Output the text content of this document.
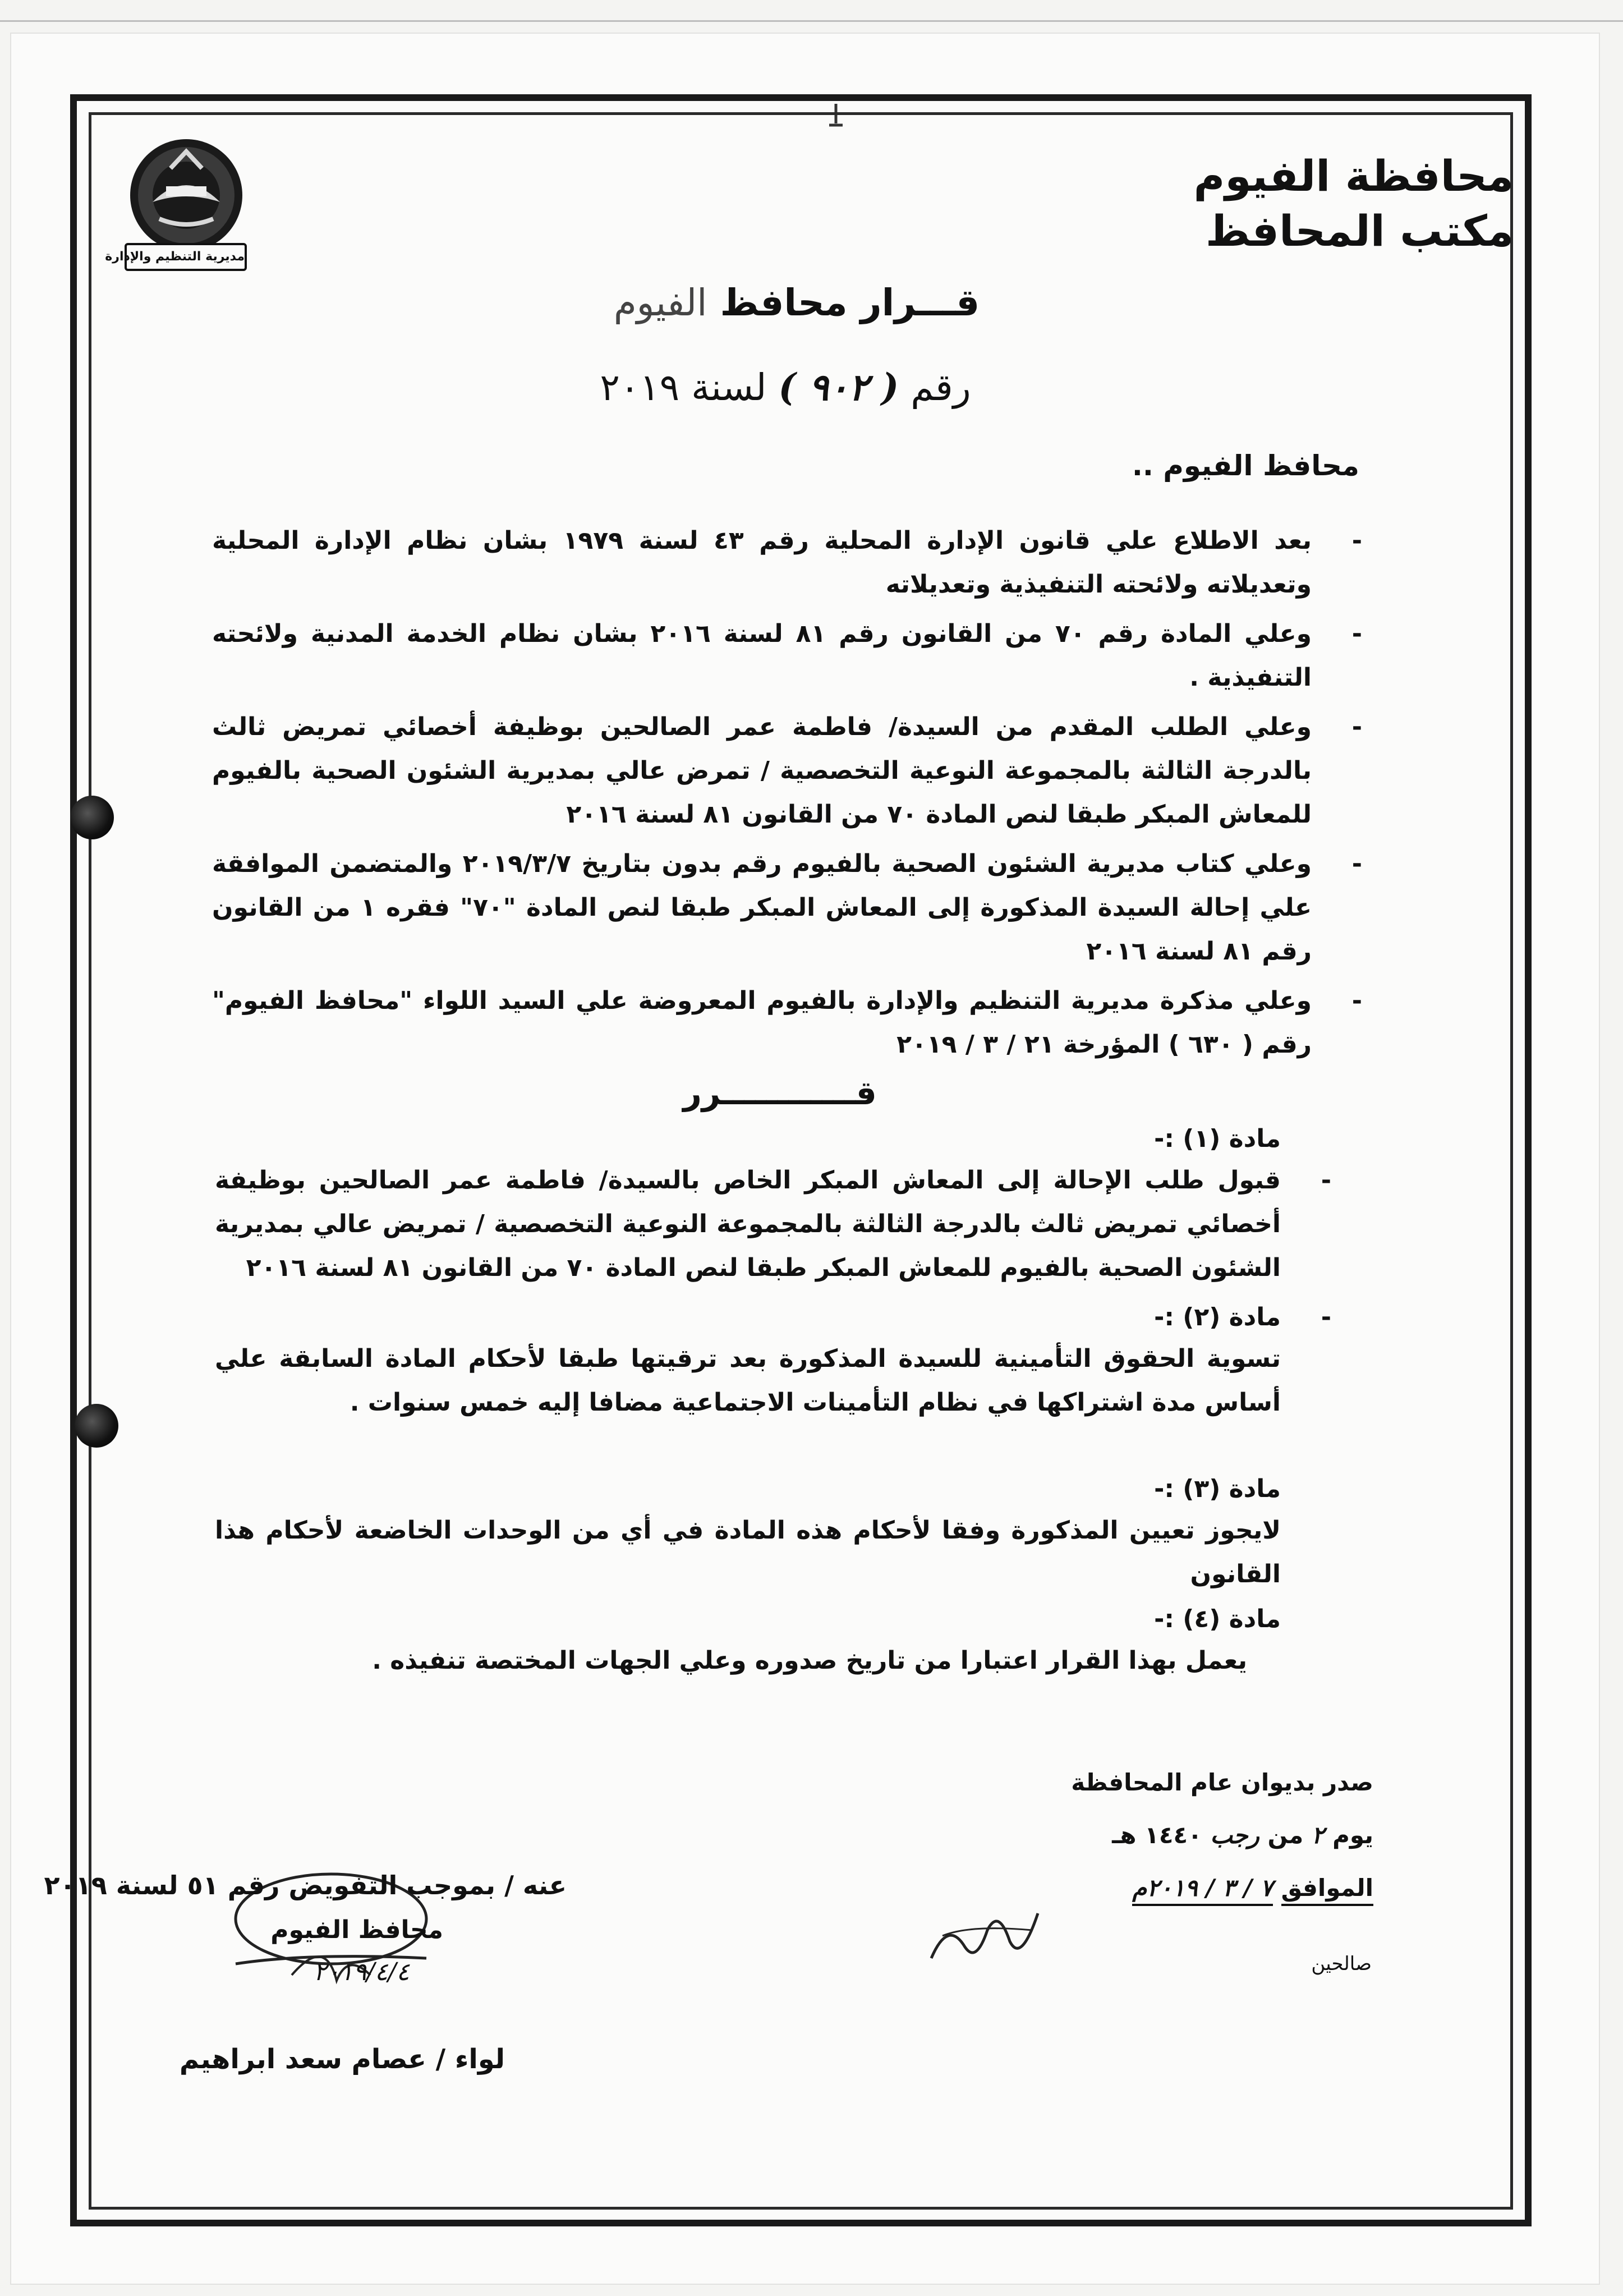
محافظة الفيوم
مكتب المحافظ
مديرية التنظيم والإدارة
قـــرار محافظ الفيوم
رقم ( ٩٠٢ ) لسنة ٢٠١٩
محافظ الفيوم ..
- بعد الاطلاع علي قانون الإدارة المحلية رقم ٤٣ لسنة ١٩٧٩ بشان نظام الإدارة المحلية وتعديلاته ولائحته التنفيذية وتعديلاته
- وعلي المادة رقم ٧٠ من القانون رقم ٨١ لسنة ٢٠١٦ بشان نظام الخدمة المدنية ولائحته التنفيذية .
- وعلي الطلب المقدم من السيدة/ فاطمة عمر الصالحين بوظيفة أخصائي تمريض ثالث بالدرجة الثالثة بالمجموعة النوعية التخصصية / تمرض عالي بمديرية الشئون الصحية بالفيوم للمعاش المبكر طبقا لنص المادة ٧٠ من القانون ٨١ لسنة ٢٠١٦
- وعلي كتاب مديرية الشئون الصحية بالفيوم رقم بدون بتاريخ ٢٠١٩/٣/٧ والمتضمن الموافقة علي إحالة السيدة المذكورة إلى المعاش المبكر طبقا لنص المادة "٧٠" فقره ١ من القانون رقم ٨١ لسنة ٢٠١٦
- وعلي مذكرة مديرية التنظيم والإدارة بالفيوم المعروضة علي السيد اللواء "محافظ الفيوم" رقم ( ٦٣٠ ) المؤرخة ٢١ / ٣ / ٢٠١٩
قــــــــــــرر
مادة (١) :-
- قبول طلب الإحالة إلى المعاش المبكر الخاص بالسيدة/ فاطمة عمر الصالحين بوظيفة أخصائي تمريض ثالث بالدرجة الثالثة بالمجموعة النوعية التخصصية / تمريض عالي بمديرية الشئون الصحية بالفيوم للمعاش المبكر طبقا لنص المادة ٧٠ من القانون ٨١ لسنة ٢٠١٦
- مادة (٢) :-
تسوية الحقوق التأمينية للسيدة المذكورة بعد ترقيتها طبقا لأحكام المادة السابقة علي أساس مدة اشتراكها في نظام التأمينات الاجتماعية مضافا إليه خمس سنوات .
مادة (٣) :-
لايجوز تعيين المذكورة وفقا لأحكام هذه المادة في أي من الوحدات الخاضعة لأحكام هذا القانون
مادة (٤) :-
يعمل بهذا القرار اعتبارا من تاريخ صدوره وعلي الجهات المختصة تنفيذه .
صدر بديوان عام المحافظة
يوم ٢ من رجب ١٤٤٠ هـ
الموافق ٧ / ٣ / ٢٠١٩م
صالحين
عنه / بموجب التفويض رقم ٥١ لسنة ٢٠١٩
محافظ الفيوم
٢٠١٩/٤/٤
لواء / عصام سعد ابراهيم
